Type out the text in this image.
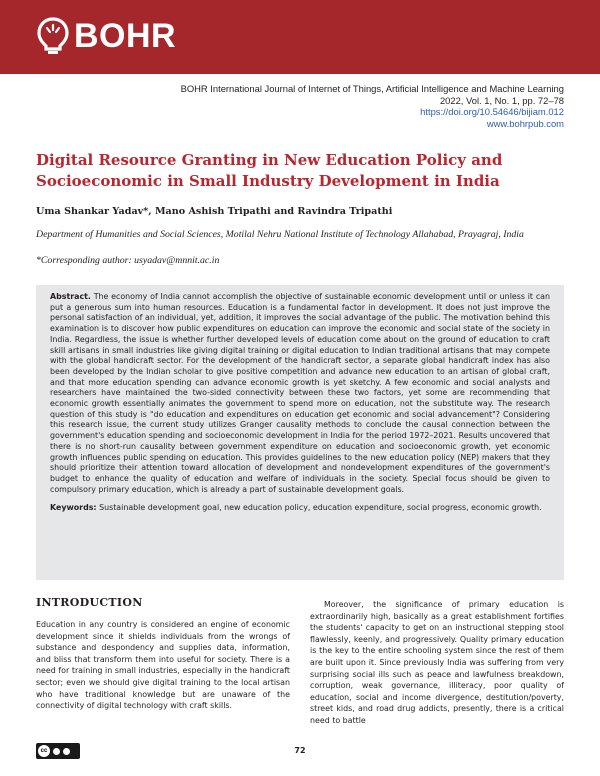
BOHR
BOHR International Journal of Internet of Things, Artificial Intelligence and Machine Learning
2022, Vol. 1, No. 1, pp. 72–78
https://doi.org/10.54646/bijiam.012
www.bohrpub.com
Digital Resource Granting in New Education Policy and Socioeconomic in Small Industry Development in India
Uma Shankar Yadav*, Mano Ashish Tripathi and Ravindra Tripathi
Department of Humanities and Social Sciences, Motilal Nehru National Institute of Technology Allahabad, Prayagraj, India
*Corresponding author: usyadav@mnnit.ac.in

Abstract. The economy of India cannot accomplish the objective of sustainable economic development until or unless it can put a generous sum into human resources. Education is a fundamental factor in development. It does not just improve the personal satisfaction of an individual, yet, addition, it improves the social advantage of the public. The motivation behind this examination is to discover how public expenditures on education can improve the economic and social state of the society in India. Regardless, the issue is whether further developed levels of education come about on the ground of education to craft skill artisans in small industries like giving digital training or digital education to Indian traditional artisans that may compete with the global handicraft sector. For the development of the handicraft sector, a separate global handicraft index has also been developed by the Indian scholar to give positive competition and advance new education to an artisan of global craft, and that more education spending can advance economic growth is yet sketchy. A few economic and social analysts and researchers have maintained the two-sided connectivity between these two factors, yet some are recommending that economic growth essentially animates the government to spend more on education, not the substitute way. The research question of this study is "do education and expenditures on education get economic and social advancement"? Considering this research issue, the current study utilizes Granger causality methods to conclude the causal connection between the government's education spending and socioeconomic development in India for the period 1972–2021. Results uncovered that there is no short-run causality between government expenditure on education and socioeconomic growth, yet economic growth influences public spending on education. This provides guidelines to the new education policy (NEP) makers that they should prioritize their attention toward allocation of development and nondevelopment expenditures of the government's budget to enhance the quality of education and welfare of individuals in the society. Special focus should be given to compulsory primary education, which is already a part of sustainable development goals.

Keywords: Sustainable development goal, new education policy, education expenditure, social progress, economic growth.

INTRODUCTION

Education in any country is considered an engine of economic development since it shields individuals from the wrongs of substance and despondency and supplies data, information, and bliss that transform them into useful for society. There is a need for training in small industries, especially in the handicraft sector; even we should give digital training to the local artisan who have traditional knowledge but are unaware of the connectivity of digital technology with craft skills.

Moreover, the significance of primary education is extraordinarily high, basically as a great establishment fortifies the students' capacity to get on an instructional stepping stool flawlessly, keenly, and progressively. Quality primary education is the key to the entire schooling system since the rest of them are built upon it. Since previously India was suffering from very surprising social ills such as peace and lawfulness breakdown, corruption, weak governance, illiteracy, poor quality of education, social and income divergence, destitution/poverty, street kids, and road drug addicts, presently, there is a critical need to battle

cc	72
